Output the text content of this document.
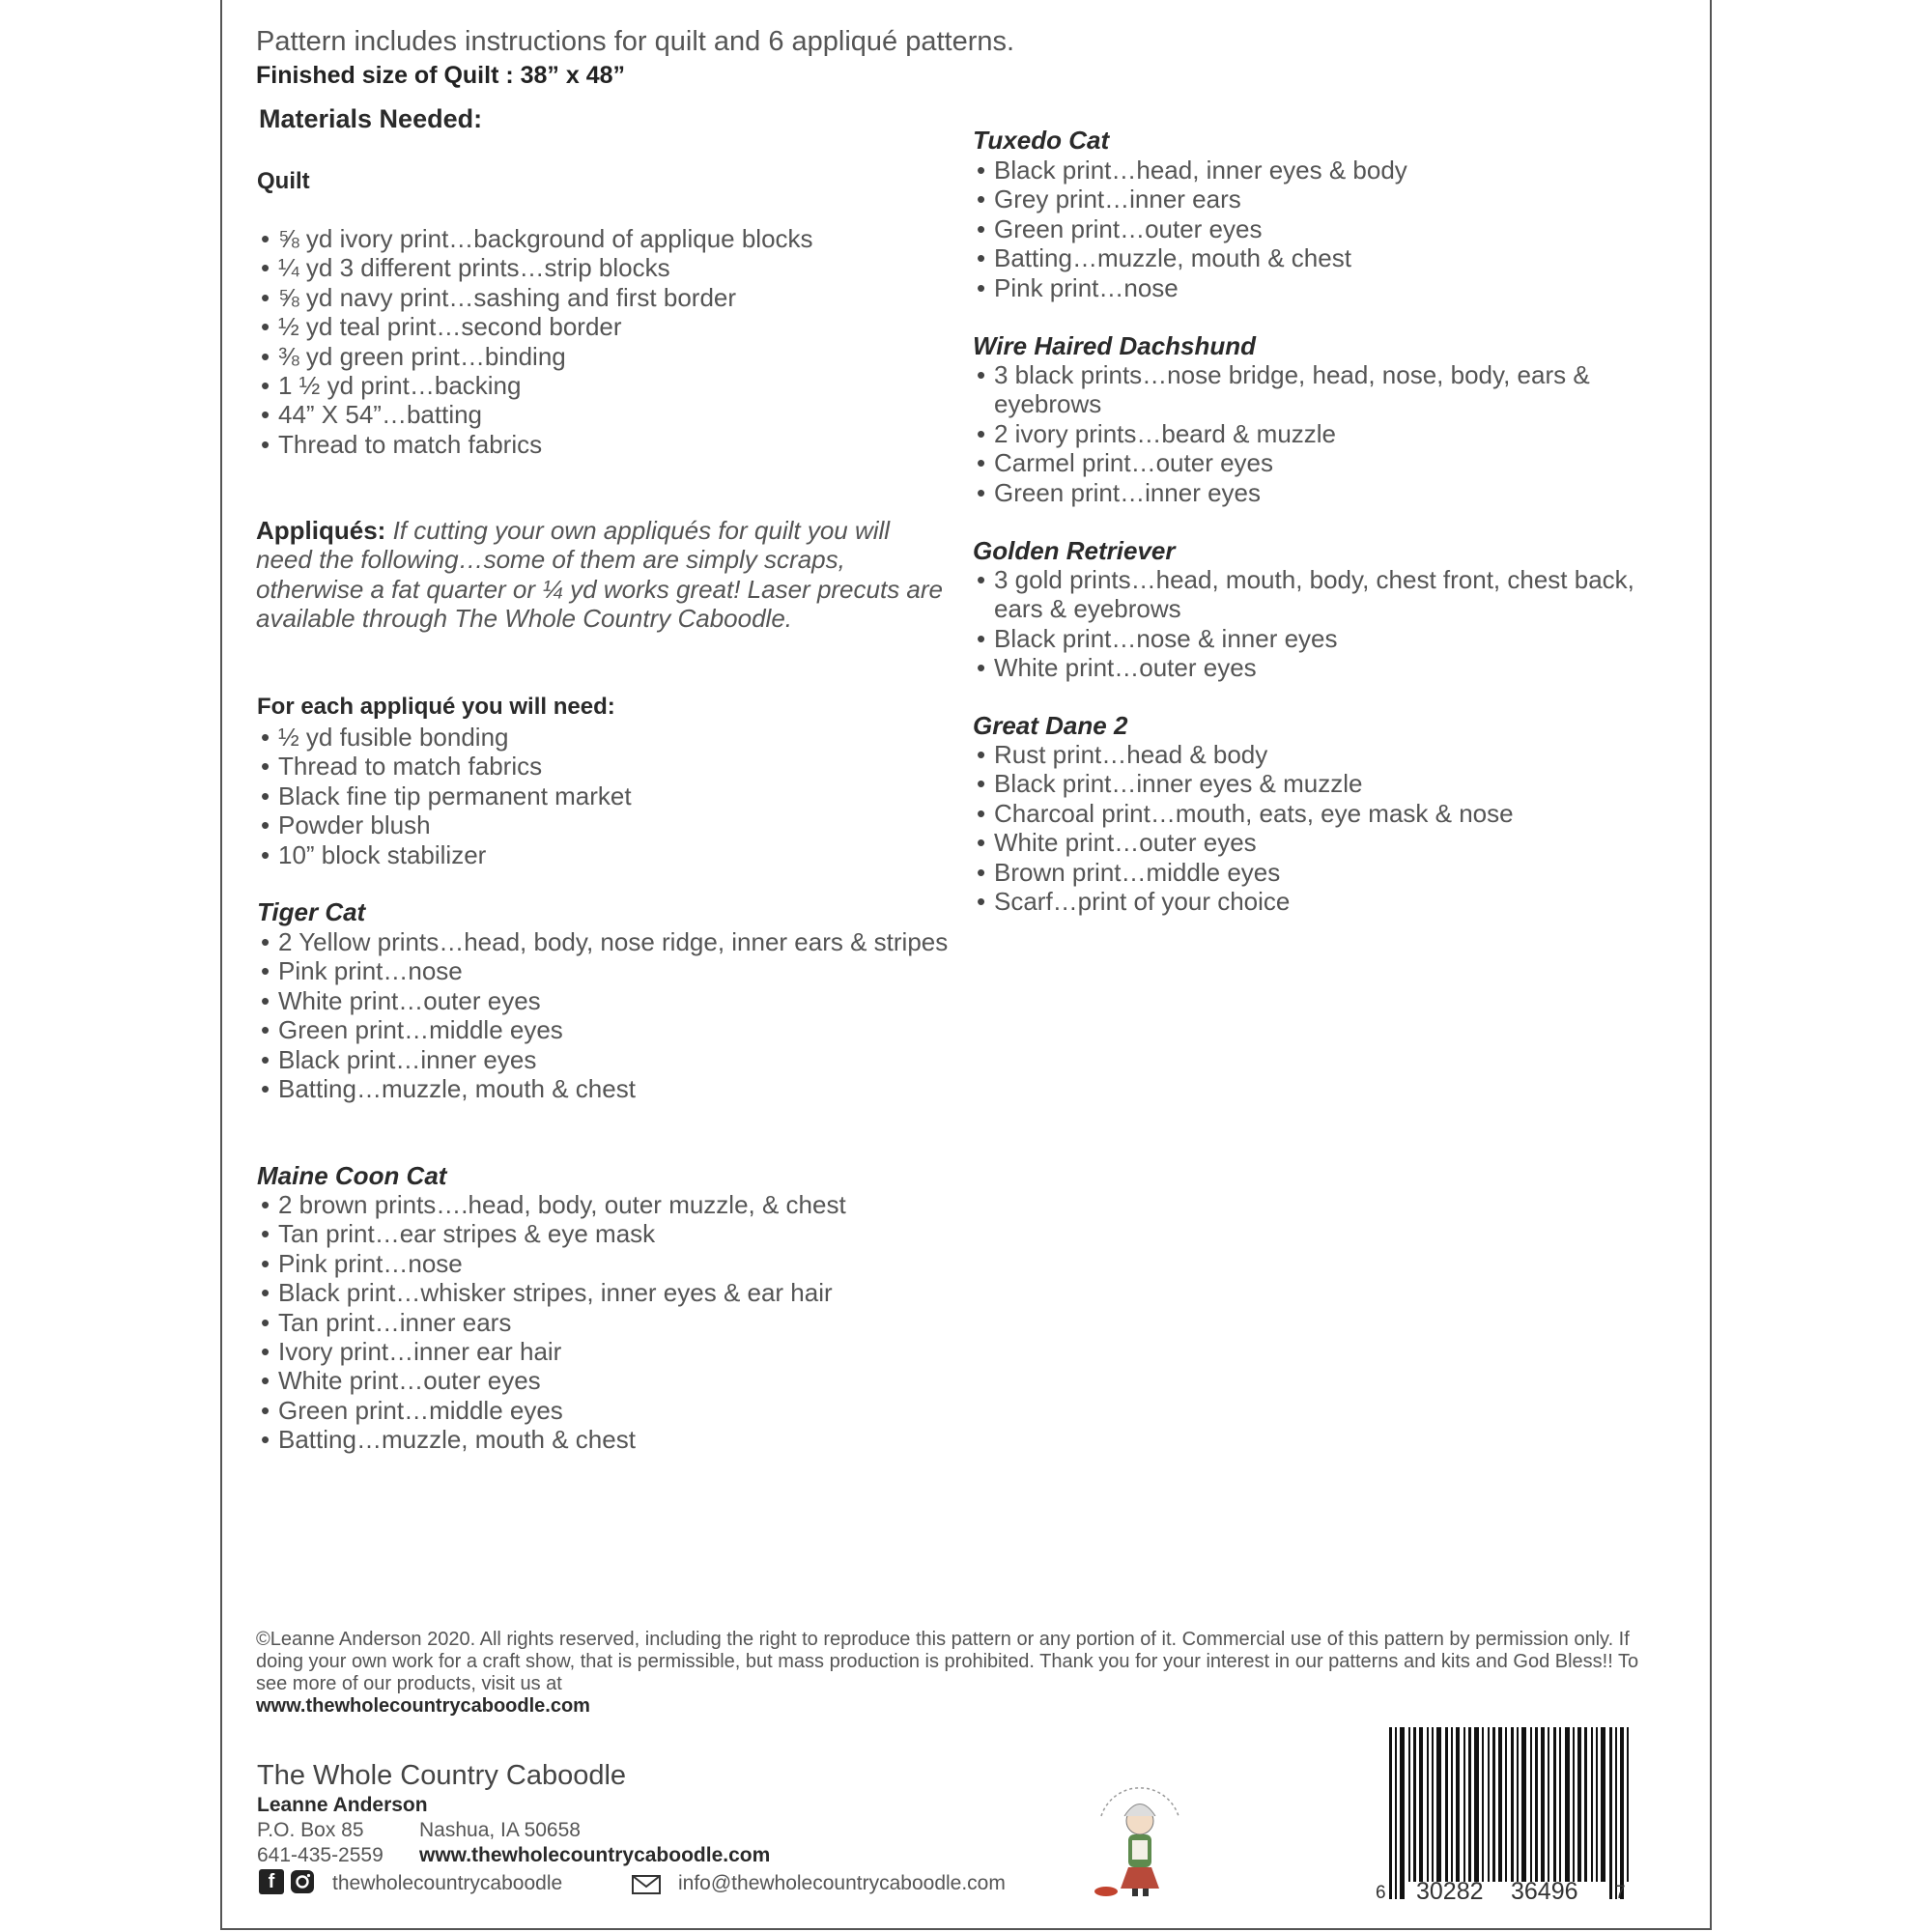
Pattern includes instructions for quilt and 6 appliqué patterns.
Finished size of Quilt : 38” x 48”
Materials Needed:
Quilt
• ⅝ yd ivory print…background of applique blocks
• ¼ yd 3 different prints…strip blocks
• ⅝ yd navy print…sashing and first border
• ½ yd teal print…second border
• ⅜ yd green print…binding
• 1 ½ yd print…backing
• 44” X 54”…batting
• Thread to match fabrics
Appliqués: If cutting your own appliqués for quilt you will need the following…some of them are simply scraps, otherwise a fat quarter or ¼ yd works great! Laser precuts are available through The Whole Country Caboodle.
For each appliqué you will need:
• ½ yd fusible bonding
• Thread to match fabrics
• Black fine tip permanent market
• Powder blush
• 10” block stabilizer
Tiger Cat
• 2 Yellow prints…head, body, nose ridge, inner ears & stripes
• Pink print…nose
• White print…outer eyes
• Green print…middle eyes
• Black print…inner eyes
• Batting…muzzle, mouth & chest
Maine Coon Cat
• 2 brown prints….head, body, outer muzzle, & chest
• Tan print…ear stripes & eye mask
• Pink print…nose
• Black print…whisker stripes, inner eyes & ear hair
• Tan print…inner ears
• Ivory print…inner ear hair
• White print…outer eyes
• Green print…middle eyes
• Batting…muzzle, mouth & chest
Tuxedo Cat
• Black print…head, inner eyes & body
• Grey print…inner ears
• Green print…outer eyes
• Batting…muzzle, mouth & chest
• Pink print…nose
Wire Haired Dachshund
• 3 black prints…nose bridge, head, nose, body, ears & eyebrows
• 2 ivory prints…beard & muzzle
• Carmel print…outer eyes
• Green print…inner eyes
Golden Retriever
• 3 gold prints…head, mouth, body, chest front, chest back, ears & eyebrows
• Black print…nose & inner eyes
• White print…outer eyes
Great Dane 2
• Rust print…head & body
• Black print…inner eyes & muzzle
• Charcoal print…mouth, eats, eye mask & nose
• White print…outer eyes
• Brown print…middle eyes
• Scarf…print of your choice
©Leanne Anderson 2020. All rights reserved, including the right to reproduce this pattern or any portion of it. Commercial use of this pattern by permission only. If doing your own work for a craft show, that is permissible, but mass production is prohibited. Thank you for your interest in our patterns and kits and God Bless!! To see more of our products, visit us at
www.thewholecountrycaboodle.com
The Whole Country Caboodle
Leanne Anderson
P.O. Box 85	Nashua, IA 50658
641-435-2559 www.thewholecountrycaboodle.com
f	thewholecountrycaboodle	info@thewholecountrycaboodle.com	6 30282 36496 7
